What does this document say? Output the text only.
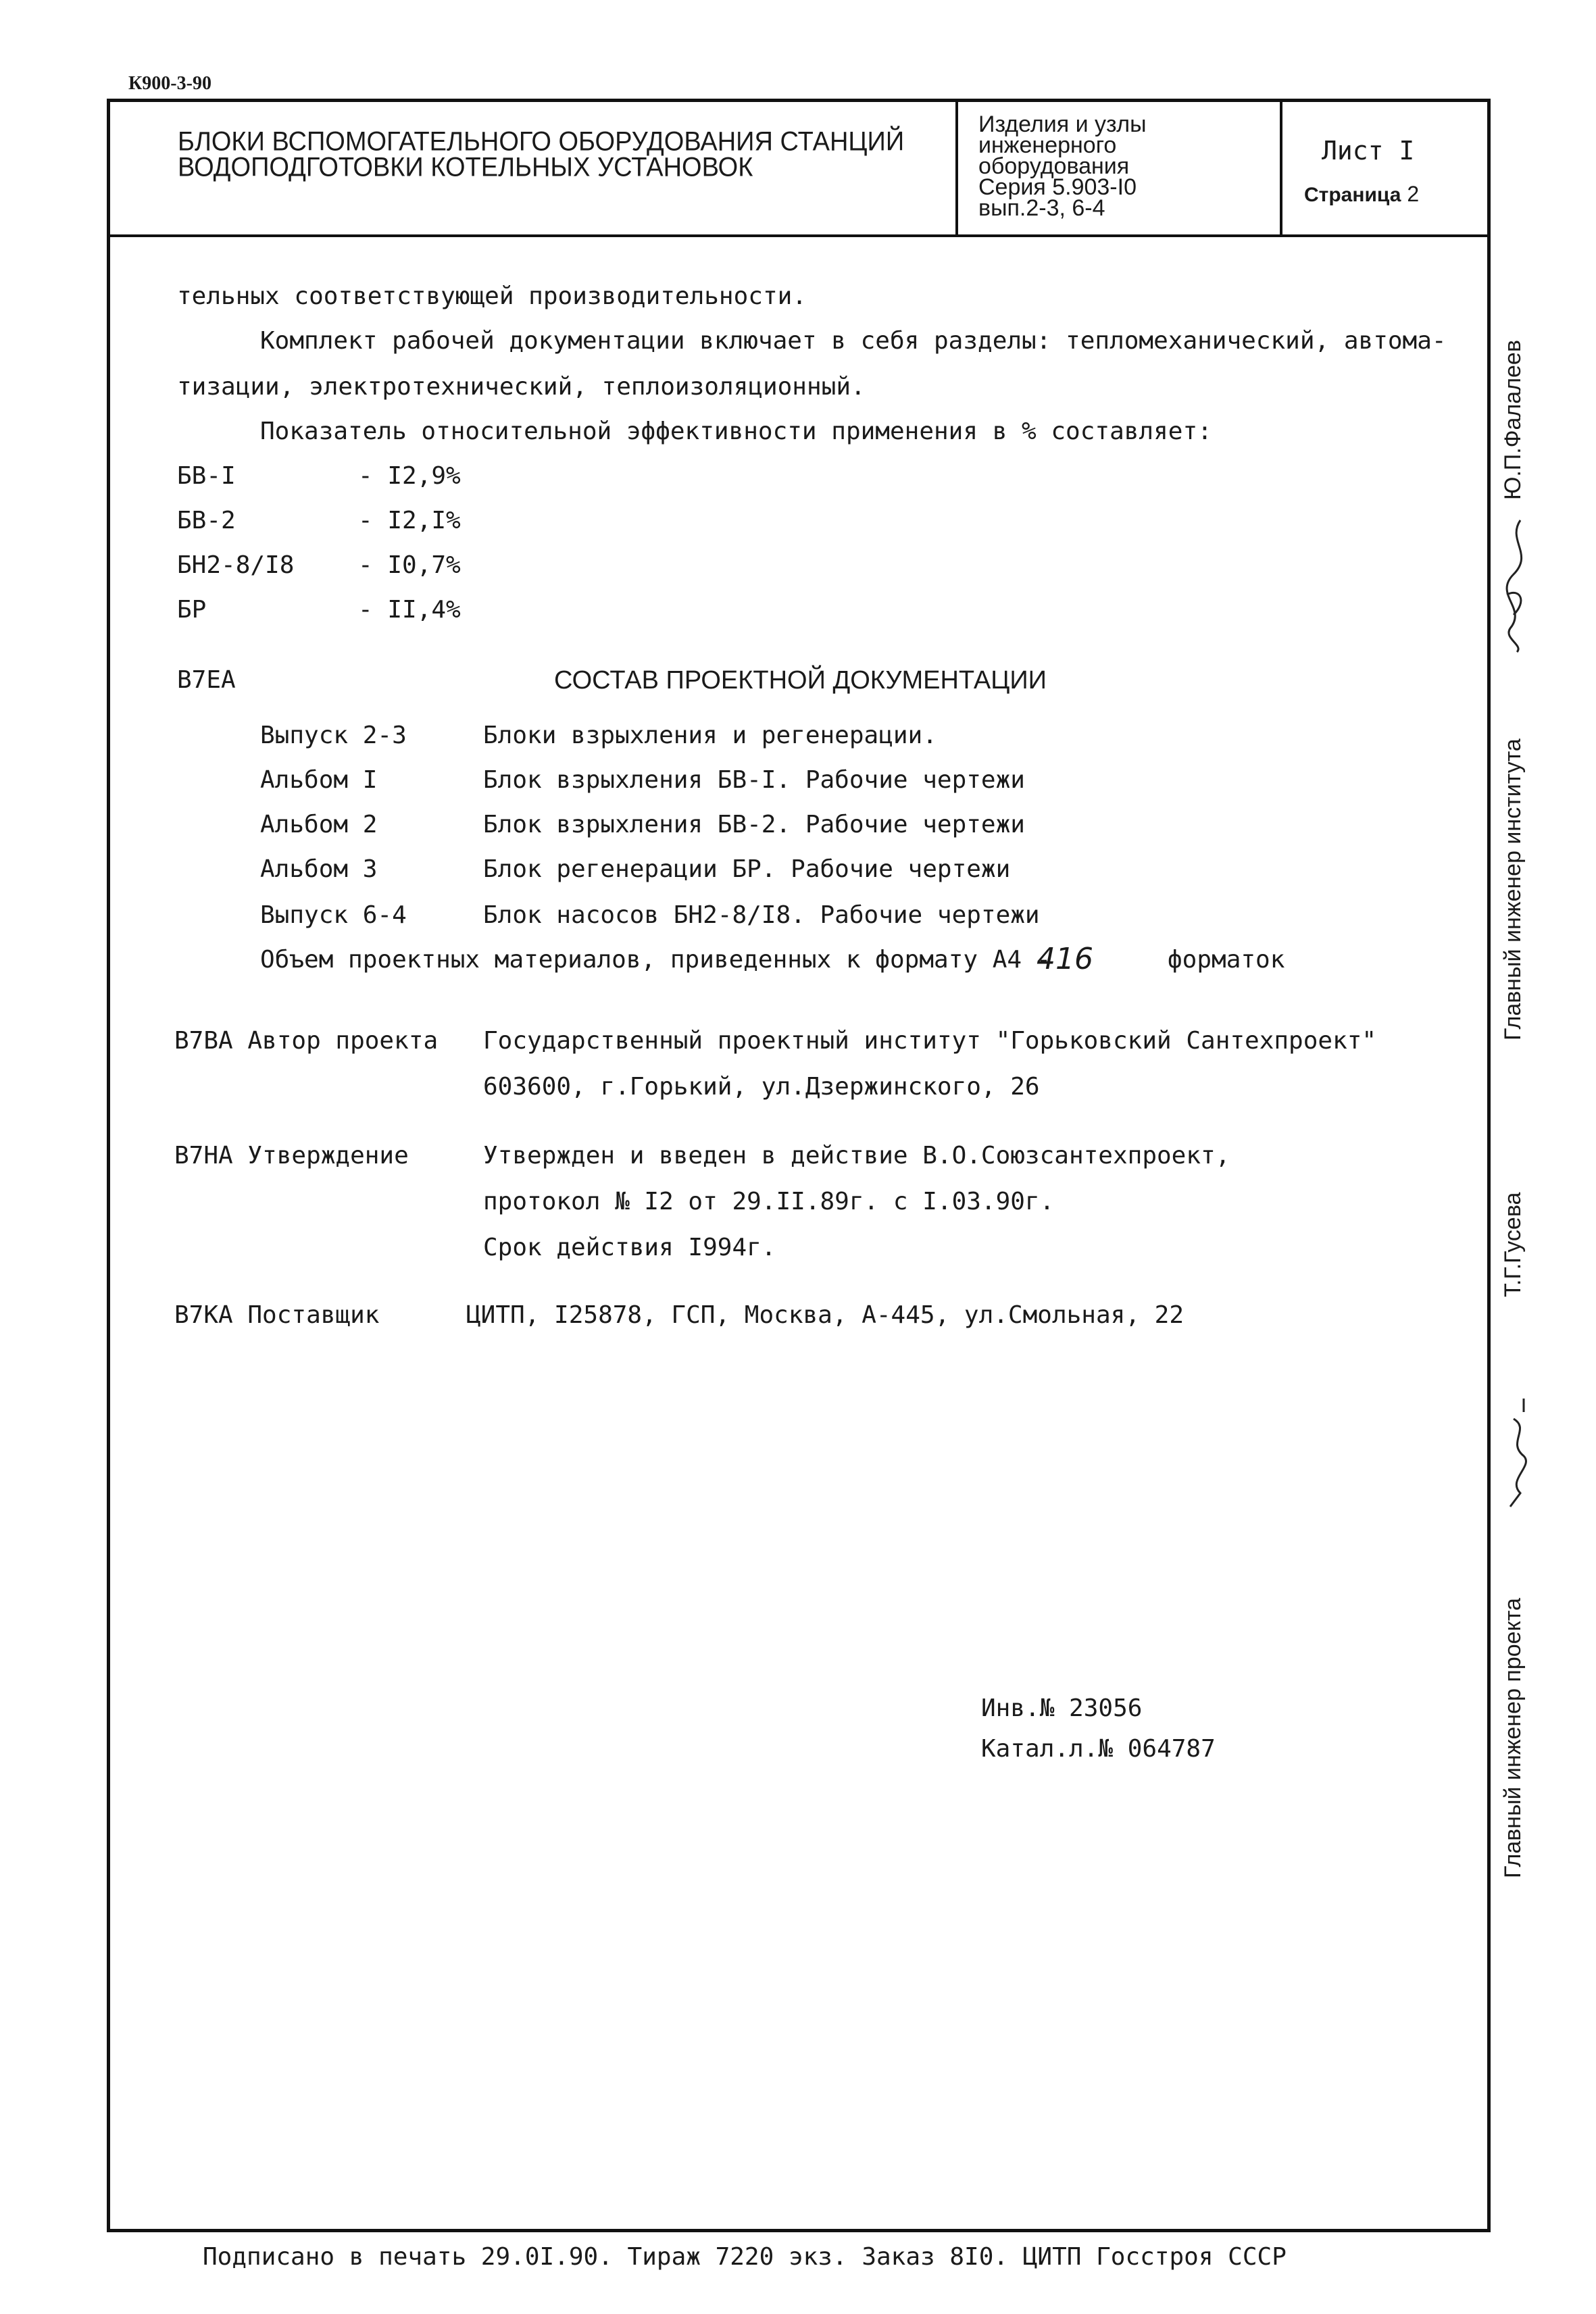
К900-3-90
БЛОКИ ВСПОМОГАТЕЛЬНОГО ОБОРУДОВАНИЯ СТАНЦИЙ
ВОДОПОДГОТОВКИ КОТЕЛЬНЫХ УСТАНОВОК
Изделия и узлы
инженерного
оборудования
Серия 5.903-I0
вып.2-3, 6-4
Лист I
Страница 2
тельных соответствующей производительности.
Комплект рабочей документации включает в себя разделы: тепломеханический, автома-
тизации, электротехнический, теплоизоляционный.
Показатель относительной эффективности применения в % составляет:
БВ-I	- I2,9%
БВ-2	- I2,I%
БН2-8/I8	- I0,7%
БР	- II,4%
В7ЕА	СОСТАВ ПРОЕКТНОЙ ДОКУМЕНТАЦИИ
Выпуск 2-3	Блоки взрыхления и регенерации.
Альбом I	Блок взрыхления БВ-I. Рабочие чертежи
Альбом 2	Блок взрыхления БВ-2. Рабочие чертежи
Альбом 3	Блок регенерации БР. Рабочие чертежи
Выпуск 6-4	Блок насосов БН2-8/I8. Рабочие чертежи
Объем проектных материалов, приведенных к формату А4 -
416	форматок
В7ВА Автор проекта Государственный проектный институт "Горьковский Сантехпроект"
603600, г.Горький, ул.Дзержинского, 26
В7НА Утверждение	Утвержден и введен в действие В.О.Союзсантехпроект,
протокол № I2 от 29.II.89г. с I.03.90г.
Срок действия I994г.
В7КА Поставщик	ЦИТП, I25878, ГСП, Москва, А-445, ул.Смольная, 22
Инв.№ 23056
Катал.л.№ 064787
Главный инженер института
Ю.П.Фалалеев
Главный инженер проекта
Т.Г.Гусева
Подписано в печать 29.0I.90. Тираж 7220 экз. Заказ 8I0. ЦИТП Госстроя СССР
